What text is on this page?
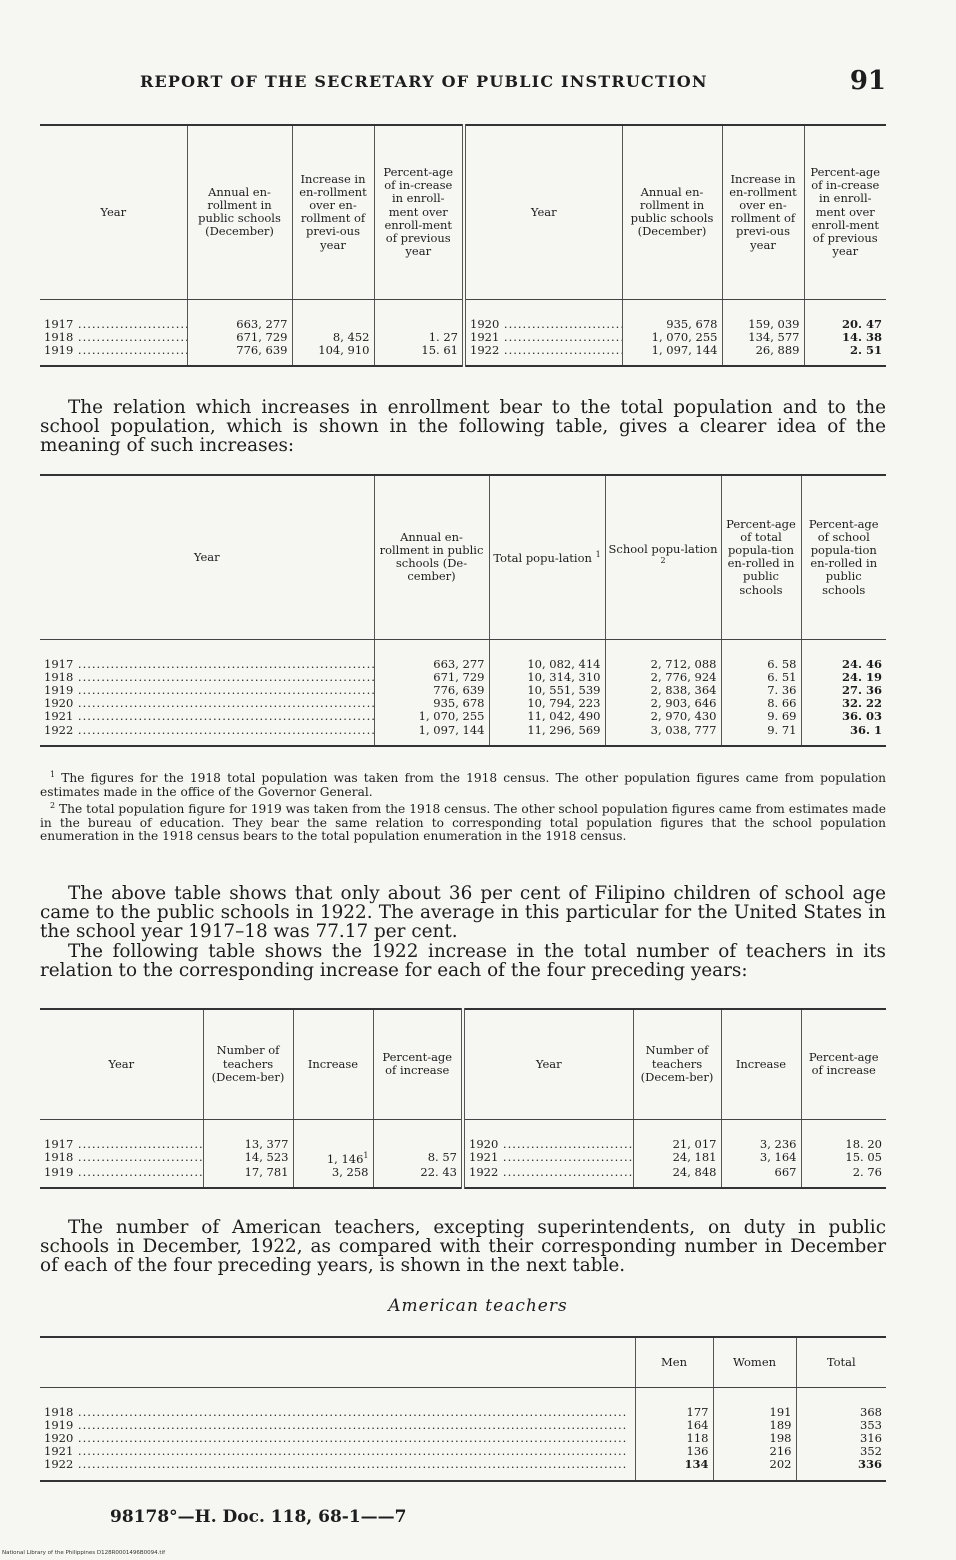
REPORT OF THE SECRETARY OF PUBLIC INSTRUCTION	91
Year	Annual en-rollment in public schools (December)	Increase in en-rollment over en-rollment of previ-ous year	Percent-age of in-crease in enroll-ment over enroll-ment of previous year	Year	Annual en-rollment in public schools (December)	Increase in en-rollment over en-rollment of previ-ous year	Percent-age of in-crease in enroll-ment over enroll-ment of previous year
1917 .....	663, 277			1920 .....	935, 678	159, 039	20. 47
1918 .....	671, 729	8, 452	1. 27	1921 .....	1, 070, 255	134, 577	14. 38
1919 .....	776, 639	104, 910	15. 61	1922 .....	1, 097, 144	26, 889	2. 51

The relation which increases in enrollment bear to the total population and to the school population, which is shown in the following table, gives a clearer idea of the meaning of such increases:

Year	Annual en-rollment in public schools (De-cember)	Total popu-lation $^1$	School popu-lation $^2$	Percent-age of total popula-tion en-rolled in public schools	Percent-age of school popula-tion en-rolled in public schools
1917 .....	663, 277	10, 082, 414	2, 712, 088	6. 58	24. 46
1918 .....	671, 729	10, 314, 310	2, 776, 924	6. 51	24. 19
1919 .....	776, 639	10, 551, 539	2, 838, 364	7. 36	27. 36
1920 .....	935, 678	10, 794, 223	2, 903, 646	8. 66	32. 22
1921 .....	1, 070, 255	11, 042, 490	2, 970, 430	9. 69	36. 03
1922 .....	1, 097, 144	11, 296, 569	3, 038, 777	9. 71	36. 1

$^1$ The figures for the 1918 total population was taken from the 1918 census. The other population figures came from population estimates made in the office of the Governor General.

$^2$ The total population figure for 1919 was taken from the 1918 census. The other school population figures came from estimates made in the bureau of education. They bear the same relation to corresponding total population figures that the school population enumeration in the 1918 census bears to the total population enumeration in the 1918 census.

The above table shows that only about 36 per cent of Filipino children of school age came to the public schools in 1922. The average in this particular for the United States in the school year 1917–18 was 77.17 per cent.

The following table shows the 1922 increase in the total number of teachers in its relation to the corresponding increase for each of the four preceding years:

Year	Number of teachers (Decem-ber)	Increase	Percent-age of increase	Year	Number of teachers (Decem-ber)	Increase	Percent-age of increase
1917 .....	13, 377			1920 .....	21, 017	3, 236	18. 20
1918 .....	14, 523	1, $146^1$	8. 57	1921 .....	24, 181	3, 164	15. 05
1919 .....	17, 781	3, 258	22. 43	1922 .....	24, 848	667	2. 76

The number of American teachers, excepting superintendents, on duty in public schools in December, 1922, as compared with their corresponding number in December of each of the four preceding years, is shown in the next table.

American teachers
	Men	Women	Total
1918 .....	177	191	368
1919 .....	164	189	353
1920 .....	118	198	316
1921 .....	136	216	352
1922 .....	134	202	336
98178°—H. Doc. 118, 68-1——7
National Library of the Philippines D128R0001496B0094.tif
